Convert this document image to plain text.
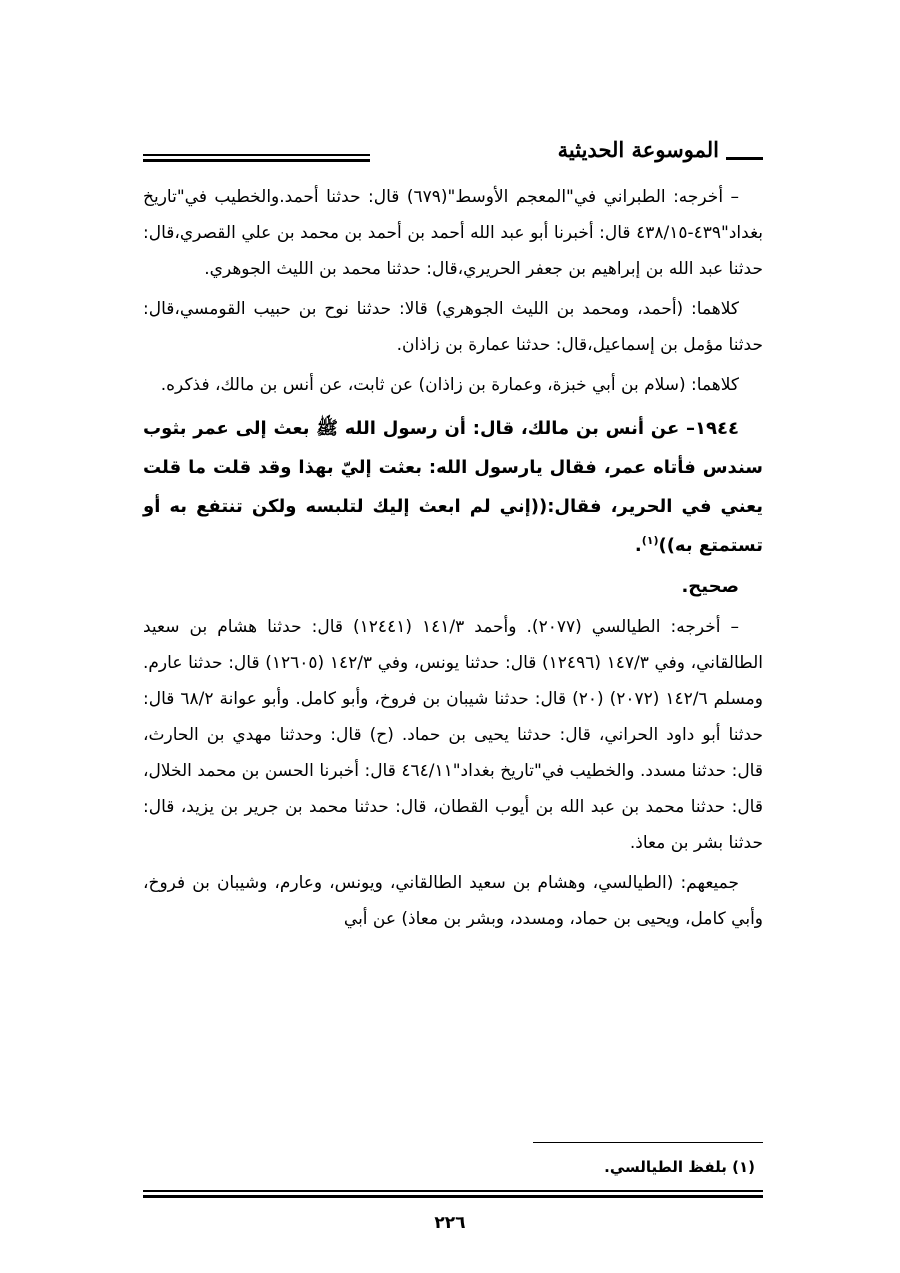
الموسوعة الحديثية

– أخرجه: الطبراني في"المعجم الأوسط"(٦٧٩) قال: حدثنا أحمد.والخطيب في"تاريخ بغداد"٤٣٩-٤٣٨/١٥ قال: أخبرنا أبو عبد الله أحمد بن أحمد بن محمد بن علي القصري،قال: حدثنا عبد الله بن إبراهيم بن جعفر الحريري،قال: حدثنا محمد بن الليث الجوهري.

كلاهما: (أحمد، ومحمد بن الليث الجوهري) قالا: حدثنا نوح بن حبيب القومسي،قال: حدثنا مؤمل بن إسماعيل،قال: حدثنا عمارة بن زاذان.

كلاهما: (سلام بن أبي خبزة، وعمارة بن زاذان) عن ثابت، عن أنس بن مالك، فذكره.

١٩٤٤– عن أنس بن مالك، قال: أن رسول الله ﷺ بعث إلى عمر بثوب سندس فأتاه عمر، فقال يارسول الله: بعثت إليّ بهذا وقد قلت ما قلت يعني في الحرير، فقال:((إني لم ابعث إليك لتلبسه ولكن تنتفع به أو تستمتع به))$^{(١)}$.

صحيح.

– أخرجه: الطيالسي (٢٠٧٧). وأحمد ١٤١/٣ (١٢٤٤١) قال: حدثنا هشام بن سعيد الطالقاني، وفي ١٤٧/٣ (١٢٤٩٦) قال: حدثنا يونس، وفي ١٤٢/٣ (١٢٦٠٥) قال: حدثنا عارم. ومسلم ١٤٢/٦ (٢٠٧٢) (٢٠) قال: حدثنا شيبان بن فروخ، وأبو كامل. وأبو عوانة ٦٨/٢ قال: حدثنا أبو داود الحراني، قال: حدثنا يحيى بن حماد. (ح) قال: وحدثنا مهدي بن الحارث، قال: حدثنا مسدد. والخطيب في"تاريخ بغداد"٤٦٤/١١ قال: أخبرنا الحسن بن محمد الخلال، قال: حدثنا محمد بن عبد الله بن أيوب القطان، قال: حدثنا محمد بن جرير بن يزيد، قال: حدثنا بشر بن معاذ.

جميعهم: (الطيالسي، وهشام بن سعيد الطالقاني، ويونس، وعارم، وشيبان بن فروخ، وأبي كامل، ويحيى بن حماد، ومسدد، وبشر بن معاذ) عن أبي

(١) بلفظ الطيالسي.
٢٢٦
